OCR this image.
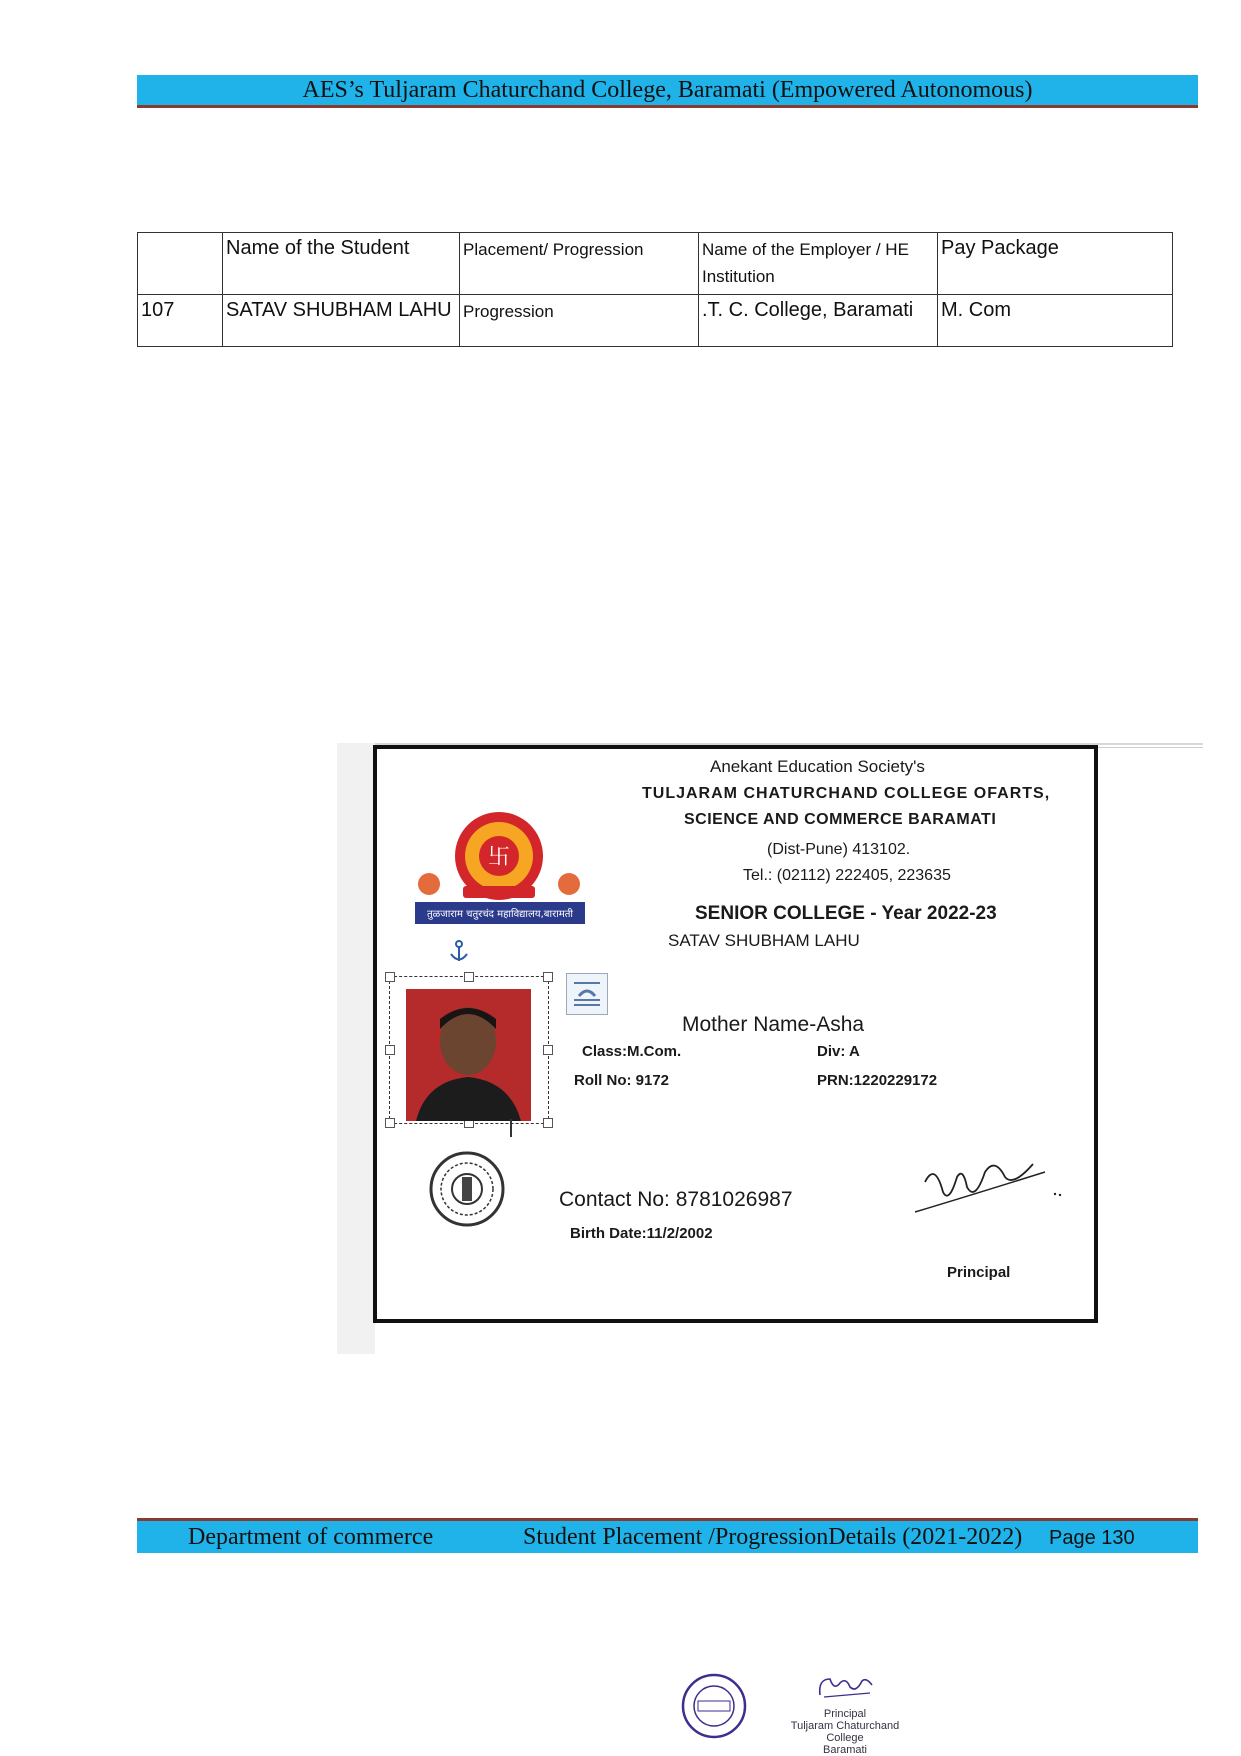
AES’s Tuljaram Chaturchand College, Baramati (Empowered Autonomous)
	Name of the Student	Placement/ Progression	Name of the Employer / HE Institution	Pay Package
107	SATAV SHUBHAM LAHU	Progression	.T. C. College, Baramati	M. Com
Anekant Education Society's
TULJARAM CHATURCHAND COLLEGE OFARTS,
SCIENCE AND COMMERCE BARAMATI
(Dist-Pune) 413102.
Tel.: (02112) 222405, 223635
SENIOR COLLEGE - Year 2022-23
SATAV SHUBHAM LAHU
Mother Name-Asha
Class:M.Com.	Div: A
Roll No: 9172	PRN:1220229172
Contact No: 8781026987
Birth Date:11/2/2002
Principal
卐
तुळजाराम चतुरचंद महाविद्यालय,बारामती
Department of commerce	Student Placement /ProgressionDetails (2021-2022) Page 130
Principal
Tuljaram Chaturchand College
Baramati
